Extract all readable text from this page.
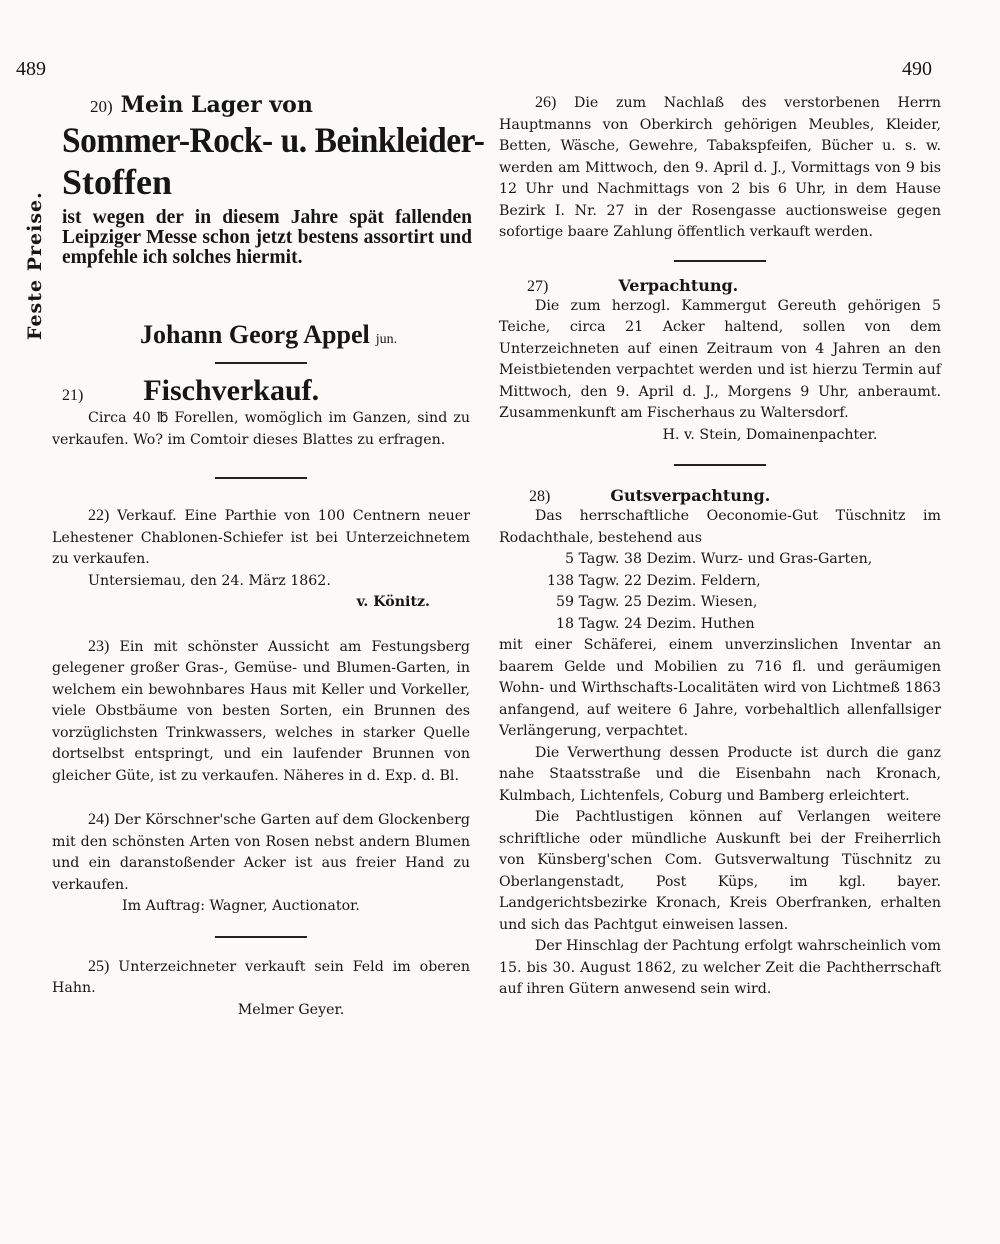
489	490
Feste Preise.
20) Mein Lager von
Sommer-Rock- u. Beinkleider-
Stoffen
ist wegen der in diesem Jahre spät fallenden Leipziger Messe schon jetzt bestens assortirt und empfehle ich solches hiermit.
Johann Georg Appel jun.
21) Fischverkauf.

Circa 40 ℔ Forellen, womöglich im Ganzen, sind zu verkaufen. Wo? im Comtoir dieses Blattes zu erfragen.

22) Verkauf. Eine Parthie von 100 Centnern neuer Lehestener Chablonen-Schiefer ist bei Unterzeichnetem zu verkaufen.

Untersiemau, den 24. März 1862.

v. Könitz.

23) Ein mit schönster Aussicht am Festungsberg gelegener großer Gras-, Gemüse- und Blumen-Garten, in welchem ein bewohnbares Haus mit Keller und Vorkeller, viele Obstbäume von besten Sorten, ein Brunnen des vorzüglichsten Trinkwassers, welches in starker Quelle dortselbst entspringt, und ein laufender Brunnen von gleicher Güte, ist zu verkaufen. Näheres in d. Exp. d. Bl.

24) Der Körschner'sche Garten auf dem Glockenberg mit den schönsten Arten von Rosen nebst andern Blumen und ein daranstoßender Acker ist aus freier Hand zu verkaufen.

Im Auftrag: Wagner, Auctionator.

25) Unterzeichneter verkauft sein Feld im oberen Hahn.

Melmer Geyer.

26) Die zum Nachlaß des verstorbenen Herrn Hauptmanns von Oberkirch gehörigen Meubles, Kleider, Betten, Wäsche, Gewehre, Tabakspfeifen, Bücher u. s. w. werden am Mittwoch, den 9. April d. J., Vormittags von 9 bis 12 Uhr und Nachmittags von 2 bis 6 Uhr, in dem Hause Bezirk I. Nr. 27 in der Rosengasse auctionsweise gegen sofortige baare Zahlung öffentlich verkauft werden.

27)	Verpachtung.

Die zum herzogl. Kammergut Gereuth gehörigen 5 Teiche, circa 21 Acker haltend, sollen von dem Unterzeichneten auf einen Zeitraum von 4 Jahren an den Meistbietenden verpachtet werden und ist hierzu Termin auf Mittwoch, den 9. April d. J., Morgens 9 Uhr, anberaumt. Zusammenkunft am Fischerhaus zu Waltersdorf.

H. v. Stein, Domainenpachter.

28)	Gutsverpachtung.

Das herrschaftliche Oeconomie-Gut Tüschnitz im Rodachthale, bestehend aus

5 Tagw. 38 Dezim. Wurz- und Gras-Garten,

138 Tagw. 22 Dezim. Feldern,

59 Tagw. 25 Dezim. Wiesen,

18 Tagw. 24 Dezim. Huthen

mit einer Schäferei, einem unverzinslichen Inventar an baarem Gelde und Mobilien zu 716 fl. und geräumigen Wohn- und Wirthschafts-Localitäten wird von Lichtmeß 1863 anfangend, auf weitere 6 Jahre, vorbehaltlich allenfallsiger Verlängerung, verpachtet.

Die Verwerthung dessen Producte ist durch die ganz nahe Staatsstraße und die Eisenbahn nach Kronach, Kulmbach, Lichtenfels, Coburg und Bamberg erleichtert.

Die Pachtlustigen können auf Verlangen weitere schriftliche oder mündliche Auskunft bei der Freiherrlich von Künsberg'schen Com. Gutsverwaltung Tüschnitz zu Oberlangenstadt, Post Küps, im kgl. bayer. Landgerichtsbezirke Kronach, Kreis Oberfranken, erhalten und sich das Pachtgut einweisen lassen.

Der Hinschlag der Pachtung erfolgt wahrscheinlich vom 15. bis 30. August 1862, zu welcher Zeit die Pachtherrschaft auf ihren Gütern anwesend sein wird.
